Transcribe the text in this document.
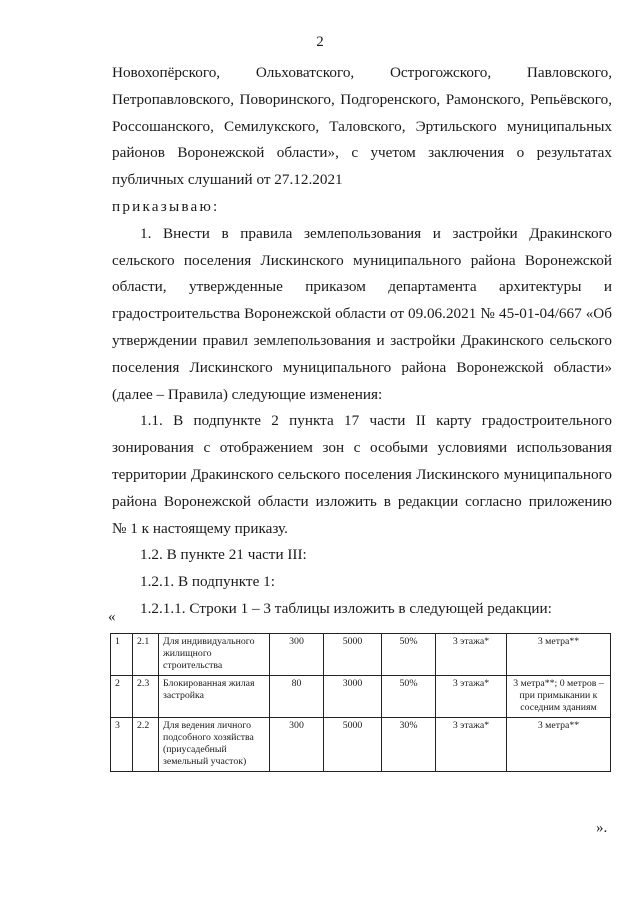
2

Новохопёрского, Ольховатского, Острогожского, Павловского,

Петропавловского, Поворинского, Подгоренского, Рамонского, Репьёвского,

Россошанского, Семилукского, Таловского, Эртильского муниципальных

районов Воронежской области», с учетом заключения о результатах

публичных слушаний от 27.12.2021

приказываю:

1. Внести в правила землепользования и застройки Дракинского

сельского поселения Лискинского муниципального района Воронежской

области, утвержденные приказом департамента архитектуры и

градостроительства Воронежской области от 09.06.2021 № 45-01-04/667 «Об

утверждении правил землепользования и застройки Дракинского сельского

поселения Лискинского муниципального района Воронежской области»

(далее – Правила) следующие изменения:

1.1. В подпункте 2 пункта 17 части II карту градостроительного

зонирования с отображением зон с особыми условиями использования

территории Дракинского сельского поселения Лискинского муниципального

района Воронежской области изложить в редакции согласно приложению

№ 1 к настоящему приказу.

1.2. В пункте 21 части III:

1.2.1. В подпункте 1:

1.2.1.1. Строки 1 – 3 таблицы изложить в следующей редакции:

«
1	2.1	Для индивидуального жилищного строительства	300	5000	50%	3 этажа*	3 метра**
2	2.3	Блокированная жилая застройка	80	3000	50%	3 этажа*	3 метра**; 0 метров – при примыкании к соседним зданиям
3	2.2	Для ведения личного подсобного хозяйства (приусадебный земельный участок)	300	5000	30%	3 этажа*	3 метра**
».
